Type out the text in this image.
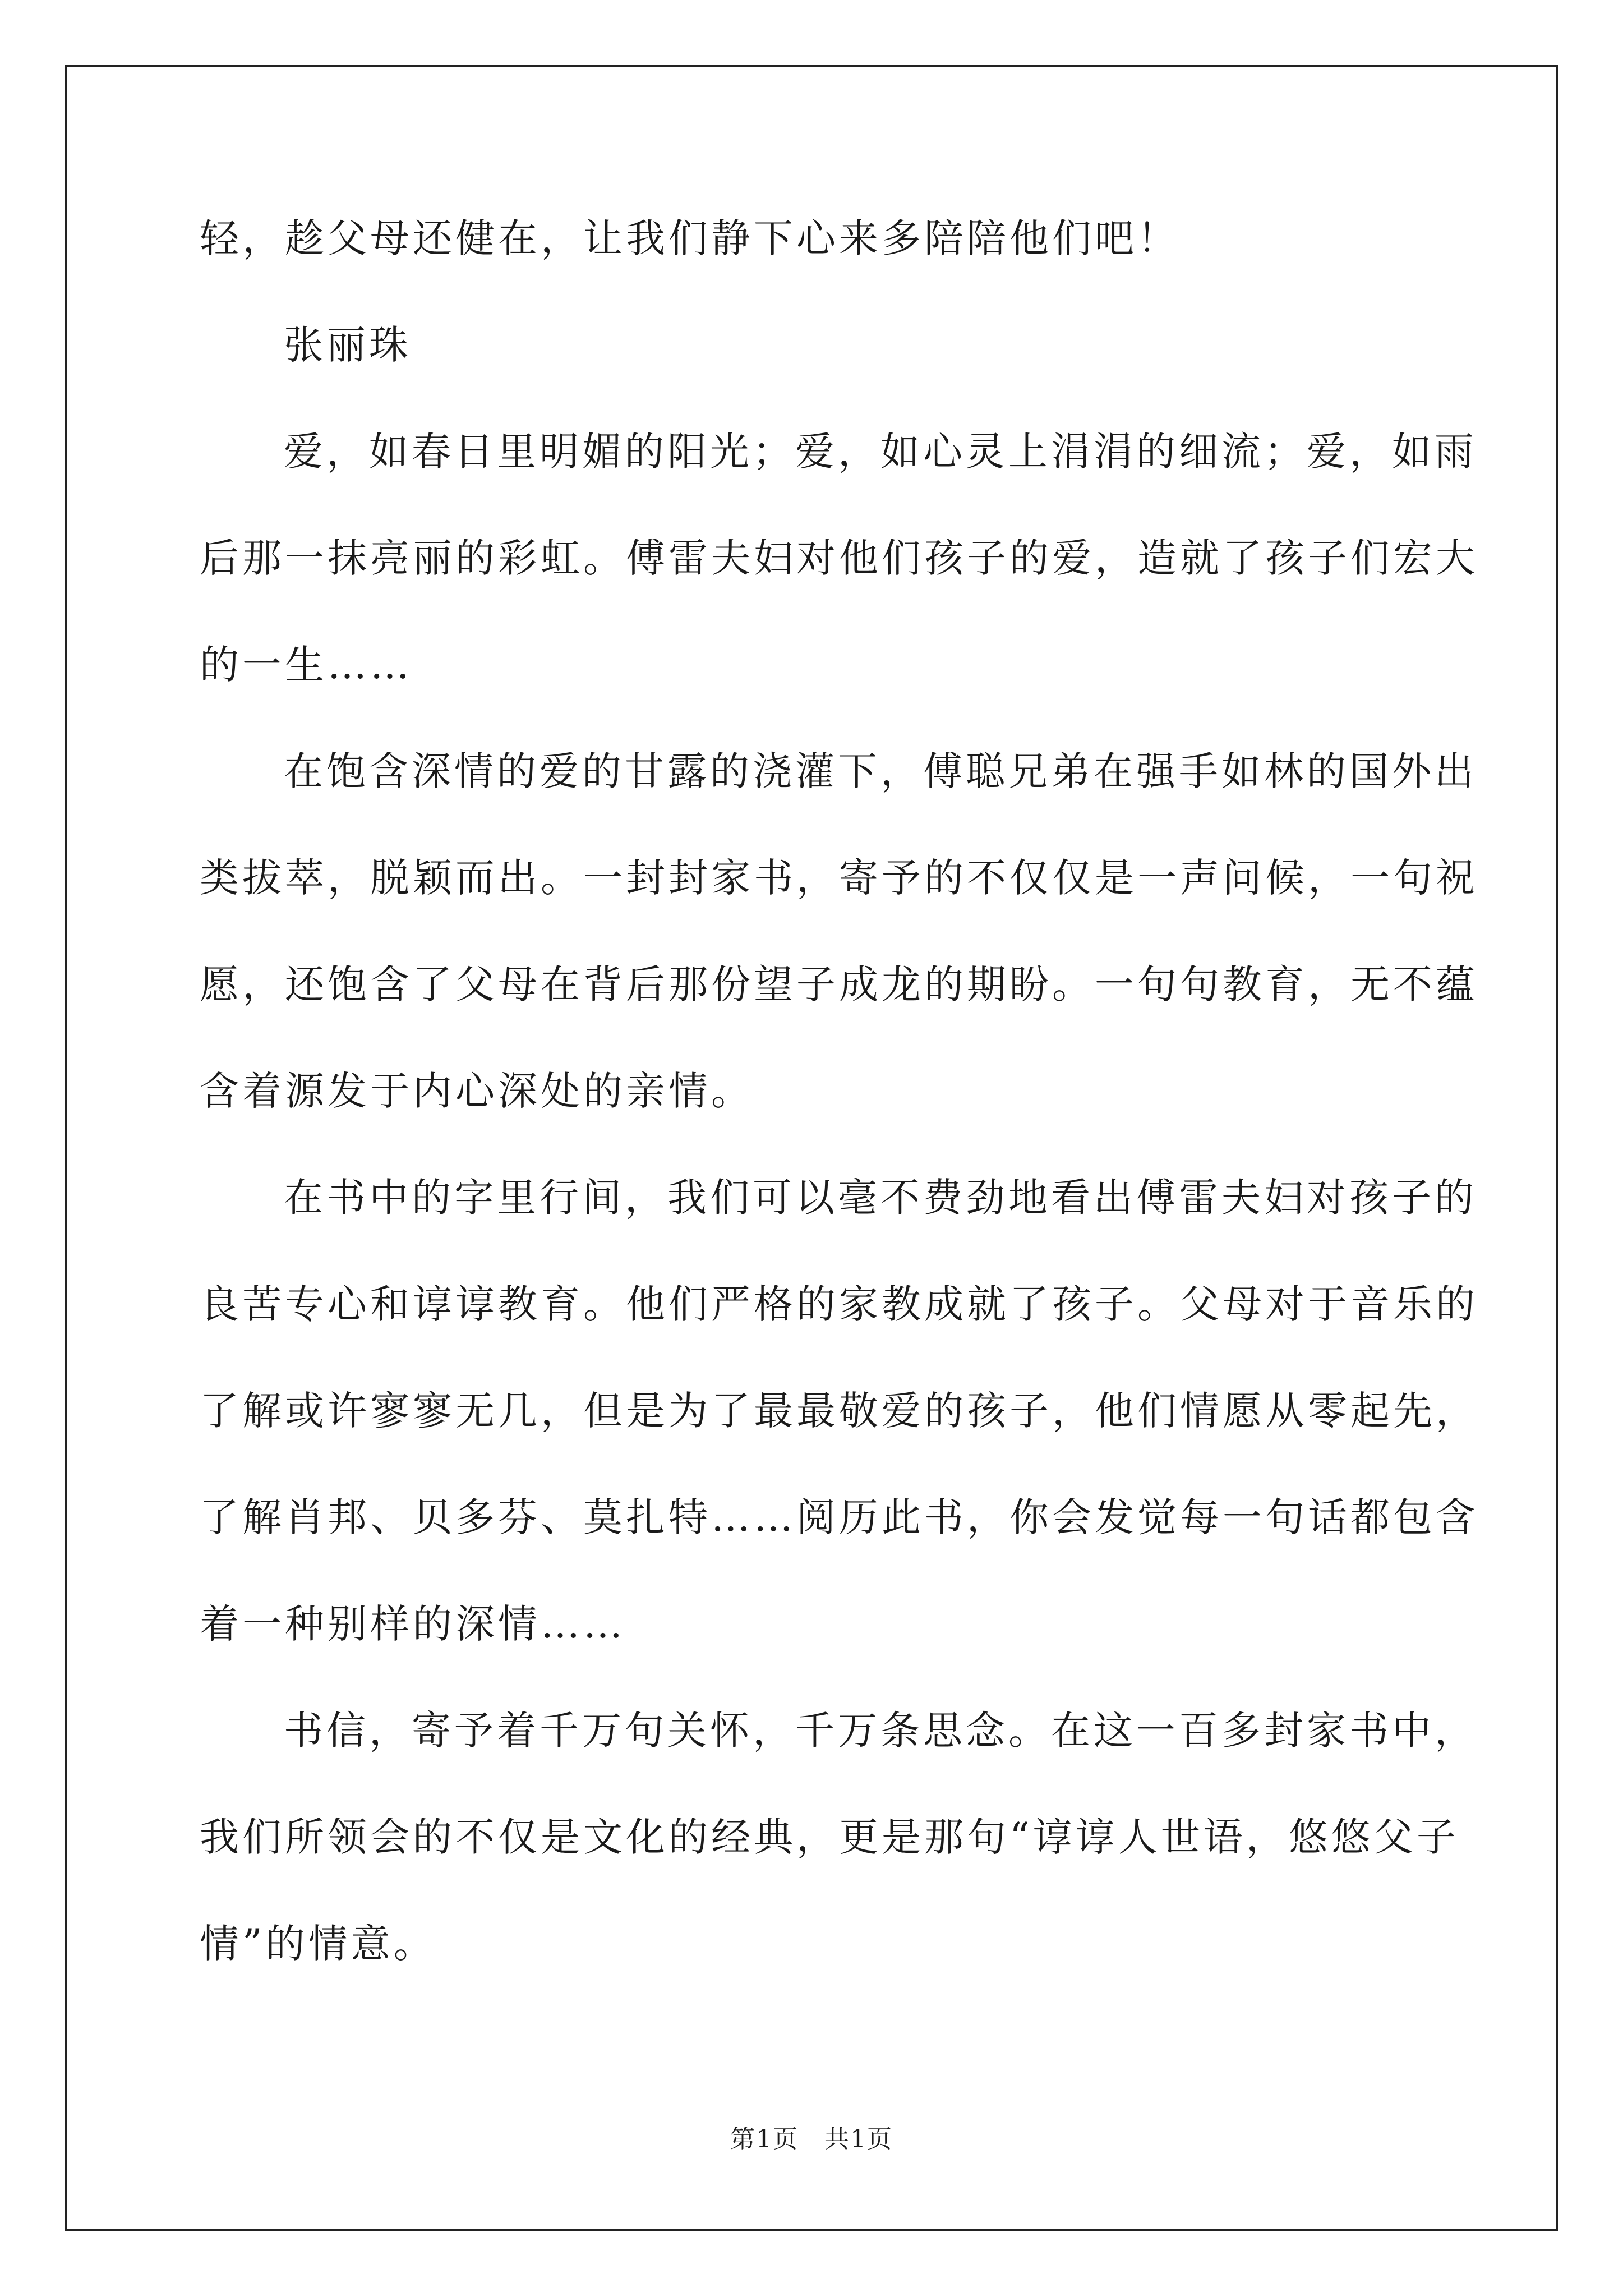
轻，趁父母还健在，让我们静下心来多陪陪他们吧！
张丽珠
爱，如春日里明媚的阳光；爱，如心灵上涓涓的细流；爱，如雨
后那一抹亮丽的彩虹。傅雷夫妇对他们孩子的爱，造就了孩子们宏大
的一生……
在饱含深情的爱的甘露的浇灌下，傅聪兄弟在强手如林的国外出
类拔萃，脱颖而出。一封封家书，寄予的不仅仅是一声问候，一句祝
愿，还饱含了父母在背后那份望子成龙的期盼。一句句教育，无不蕴
含着源发于内心深处的亲情。
在书中的字里行间，我们可以毫不费劲地看出傅雷夫妇对孩子的
良苦专心和谆谆教育。他们严格的家教成就了孩子。父母对于音乐的
了解或许寥寥无几，但是为了最最敬爱的孩子，他们情愿从零起先，
了解肖邦、贝多芬、莫扎特……阅历此书，你会发觉每一句话都包含
着一种别样的深情……
书信，寄予着千万句关怀，千万条思念。在这一百多封家书中，
我们所领会的不仅是文化的经典，更是那句“谆谆人世语，悠悠父子
情”的情意。
第1页 共1页
